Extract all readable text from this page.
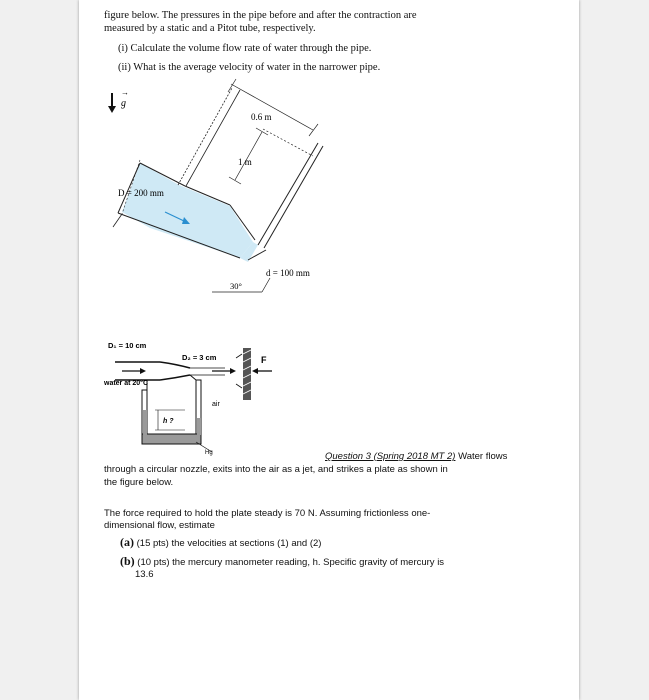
figure below. The pressures in the pipe before and after the contraction are
measured by a static and a Pitot tube, respectively.
(i) Calculate the volume flow rate of water through the pipe.
(ii) What is the average velocity of water in the narrower pipe.
g
→
0.6 m
1 m
D = 200 mm
d = 100 mm
30°
D₁ = 10 cm
D₂ = 3 cm	F
water at 20°C
air
h ?
Hg	Question 3 (Spring 2018 MT 2) Water flows
through a circular nozzle, exits into the air as a jet, and strikes a plate as shown in
the figure below.
The force required to hold the plate steady is 70 N. Assuming frictionless one-
dimensional flow, estimate
(a) (15 pts) the velocities at sections (1) and (2)
(b) (10 pts) the mercury manometer reading, h. Specific gravity of mercury is
13.6
